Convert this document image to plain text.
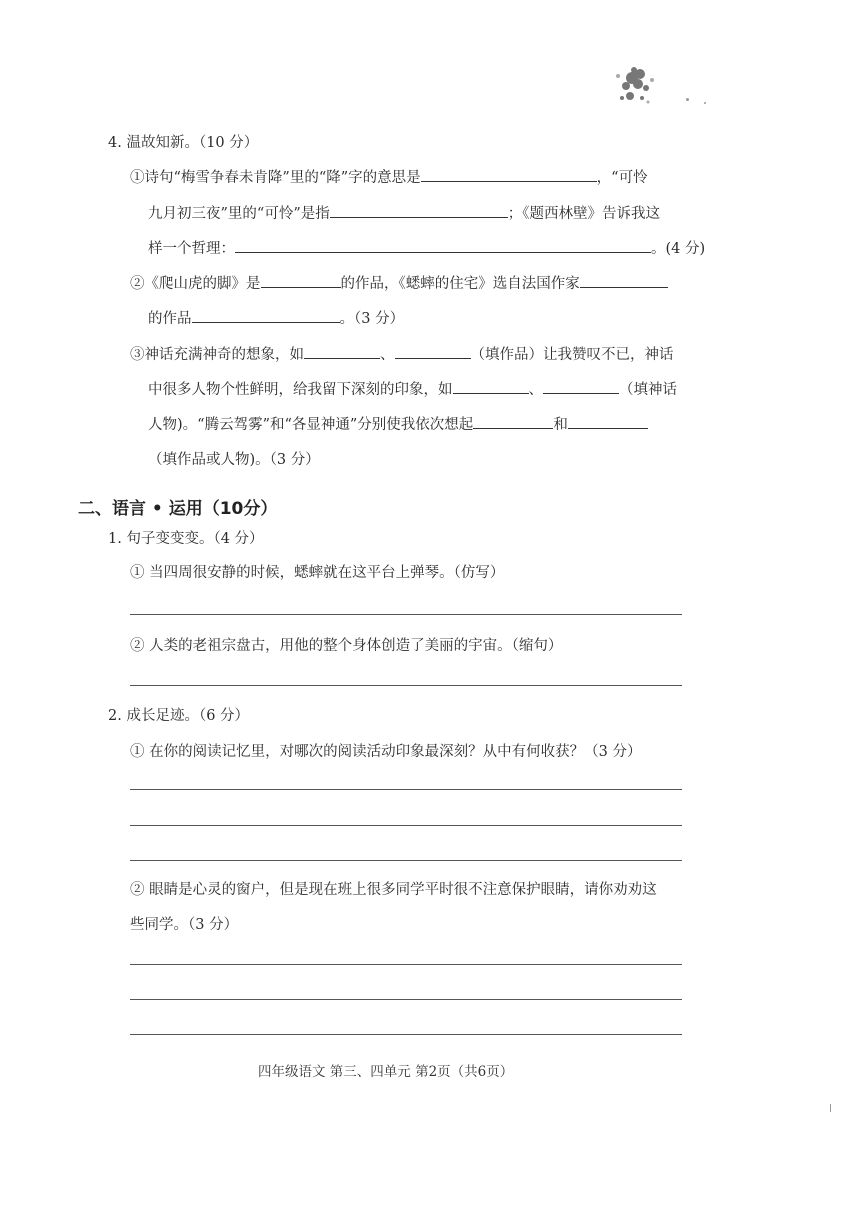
4. 温故知新。（10 分）
①诗句“梅雪争春未肯降”里的“降”字的意思是	，“可怜
九月初三夜”里的“可怜”是指	；《题西林壁》告诉我这
样一个哲理：	。(4 分)
②《爬山虎的脚》是	的作品，《蟋蟀的住宅》选自法国作家
的作品	。（3 分）
③神话充满神奇的想象，如	、	（填作品）让我赞叹不已，神话
中很多人物个性鲜明，给我留下深刻的印象，如	、	（填神话
人物)。“腾云驾雾”和“各显神通”分别使我依次想起	和
（填作品或人物)。（3 分）
二、语言 • 运用（10分）
1. 句子变变变。（4 分）
① 当四周很安静的时候，蟋蟀就在这平台上弹琴。（仿写）
② 人类的老祖宗盘古，用他的整个身体创造了美丽的宇宙。（缩句）
2. 成长足迹。（6 分）
① 在你的阅读记忆里，对哪次的阅读活动印象最深刻？从中有何收获？（3 分）
② 眼睛是心灵的窗户，但是现在班上很多同学平时很不注意保护眼睛，请你劝劝这
些同学。（3 分）
四年级语文 第三、四单元 第2页（共6页）
